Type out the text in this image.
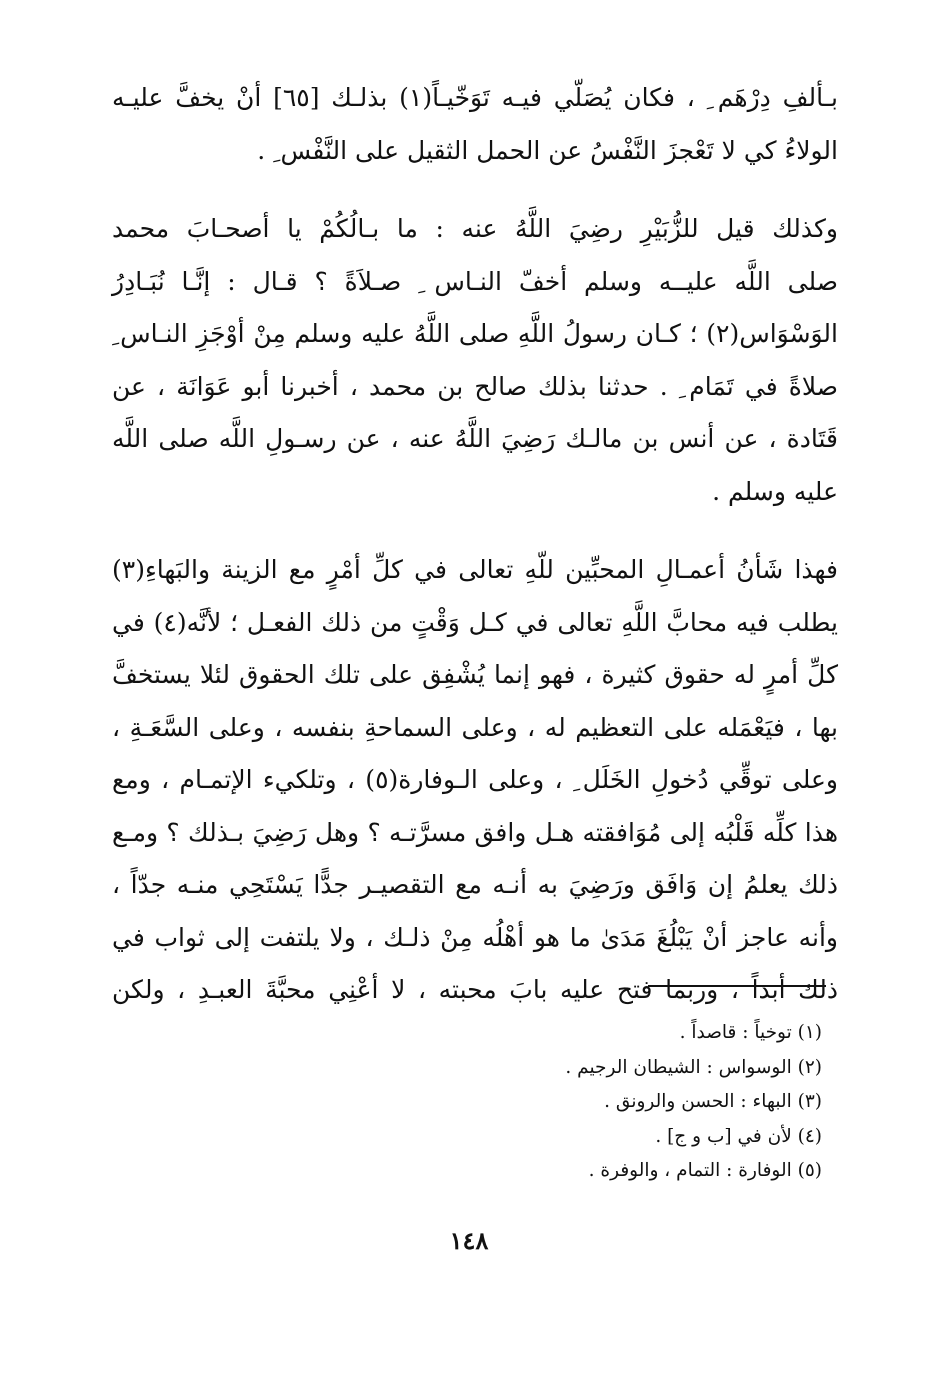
بـألفِ دِرْهَم ِ ، فكان يُصَلّي فيـه تَوَخّيـاً(١) بذلـك [٦٥] أنْ يخفَّ عليـه
الولاءُ كي لا تَعْجزَ النَّفْسُ عن الحمل الثقيل على النَّفْس ِ .

وكذلك قيل للزُّبَيْرِ رضِيَ اللَّهُ عنه : ما بـالُكُمْ يا أصحـابَ محمد
صلى اللَّه عليــه وسلم أخفّ النـاس ِ صـلاَةً ؟ قـال : إنَّـا نُبَـادِرُ
الوَسْوَاس(٢) ؛ كـان رسولُ اللَّهِ صلى اللَّهُ عليه وسلم مِنْ أوْجَزِ النـاس ِ
صلاةً في تَمَام ِ . حدثنا بذلك صالح بن محمد ، أخبرنا أبو عَوَانَة ، عن
قَتَادة ، عن أنس بن مالـك رَضِيَ اللَّهُ عنه ، عن رسـولِ اللَّه صلى اللَّه
عليه وسلم .

فهذا شَأنُ أعمـالِ المحبِّين للّهِ تعالى في كلِّ أمْرٍ مع الزينة والبَهاءِ(٣)
يطلب فيه محابَّ اللَّهِ تعالى في كـل وَقْتٍ من ذلك الفعـل ؛ لأنَّه(٤) في
كلِّ أمرٍ له حقوق كثيرة ، فهو إنما يُشْفِق على تلك الحقوق لئلا يستخفَّ
بها ، فيَعْمَله على التعظيم له ، وعلى السماحةِ بنفسه ، وعلى السَّعَـةِ ،
وعلى توقِّي دُخولِ الخَلَل ِ ، وعلى الـوفارة(٥) ، وتلكيء الإتمـام ، ومع
هذا كلِّه قَلْبُه إلى مُوَافقته هـل وافق مسرَّتـه ؟ وهل رَضِيَ بـذلك ؟ ومـع
ذلك يعلمُ إن وَافَق ورَضِيَ به أنـه مع التقصيـر جدًّا يَسْتَحِي منـه جدّاً ،
وأنه عاجز أنْ يَبْلُغَ مَدَىٰ ما هو أهْلُه مِنْ ذلـك ، ولا يلتفت إلى ثواب في
ذلك أبداً ، وربما فتح عليه بابَ محبته ، لا أعْنِي محبَّةَ العبـدِ ، ولكن

(١) توخياً : قاصداً .
(٢) الوسواس : الشيطان الرجيم .
(٣) البهاء : الحسن والرونق .
(٤) لأن في [ب و ج] .
(٥) الوفارة : التمام ، والوفرة .
١٤٨
